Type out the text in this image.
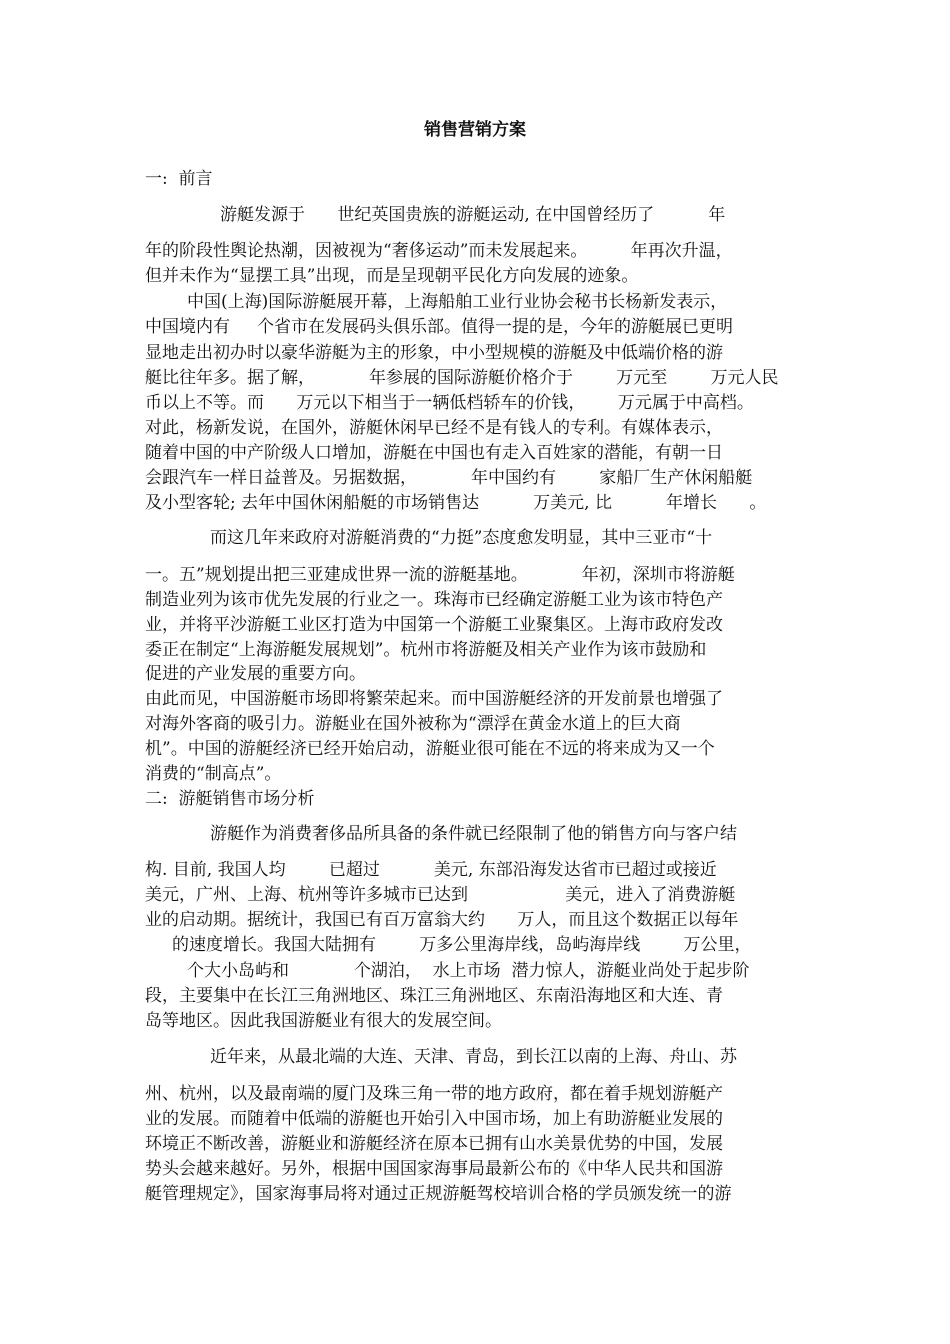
销售营销方案

一:  前言

游艇发源于      世纪英国贵族的游艇运动, 在中国曾经历了          年

年的阶段性舆论热潮，因被视为“奢侈运动”而未发展起来。        年再次升温，

但并未作为“显摆工具”出现，而是呈现朝平民化方向发展的迹象。

中国(上海)国际游艇展开幕，上海船舶工业行业协会秘书长杨新发表示，

中国境内有     个省市在发展码头俱乐部。值得一提的是，今年的游艇展已更明

显地走出初办时以豪华游艇为主的形象，中小型规模的游艇及中低端价格的游

艇比往年多。据了解，          年参展的国际游艇价格介于        万元至        万元人民

币以上不等。而      万元以下相当于一辆低档轿车的价钱，      万元属于中高档。

对此，杨新发说，在国外，游艇休闲早已经不是有钱人的专利。有媒体表示，

随着中国的中产阶级人口增加，游艇在中国也有走入百姓家的潜能，有朝一日

会跟汽车一样日益普及。另据数据，          年中国约有        家船厂生产休闲船艇

及小型客轮; 去年中国休闲船艇的市场销售达          万美元, 比          年增长      。

而这几年来政府对游艇消费的“力挺”态度愈发明显，其中三亚市“十

一。五”规划提出把三亚建成世界一流的游艇基地。          年初，深圳市将游艇

制造业列为该市优先发展的行业之一。珠海市已经确定游艇工业为该市特色产

业，并将平沙游艇工业区打造为中国第一个游艇工业聚集区。上海市政府发改

委正在制定“上海游艇发展规划”。杭州市将游艇及相关产业作为该市鼓励和

促进的产业发展的重要方向。

由此而见，中国游艇市场即将繁荣起来。而中国游艇经济的开发前景也增强了

对海外客商的吸引力。游艇业在国外被称为“漂浮在黄金水道上的巨大商

机”。中国的游艇经济已经开始启动，游艇业很可能在不远的将来成为又一个

消费的“制高点”。

二:  游艇销售市场分析

游艇作为消费奢侈品所具备的条件就已经限制了他的销售方向与客户结

构. 目前, 我国人均        已超过          美元, 东部沿海发达省市已超过或接近

美元，广州、上海、杭州等许多城市已达到                  美元，进入了消费游艇

业的启动期。据统计，我国已有百万富翁大约      万人，而且这个数据正以每年

的速度增长。我国大陆拥有        万多公里海岸线，岛屿海岸线        万公里，

个大小岛屿和            个湖泊，  水上市场  潜力惊人，游艇业尚处于起步阶

段，主要集中在长江三角洲地区、珠江三角洲地区、东南沿海地区和大连、青

岛等地区。因此我国游艇业有很大的发展空间。

近年来，从最北端的大连、天津、青岛，到长江以南的上海、舟山、苏

州、杭州，以及最南端的厦门及珠三角一带的地方政府，都在着手规划游艇产

业的发展。而随着中低端的游艇也开始引入中国市场，加上有助游艇业发展的

环境正不断改善，游艇业和游艇经济在原本已拥有山水美景优势的中国，发展

势头会越来越好。另外，根据中国国家海事局最新公布的《中华人民共和国游

艇管理规定》，国家海事局将对通过正规游艇驾校培训合格的学员颁发统一的游
